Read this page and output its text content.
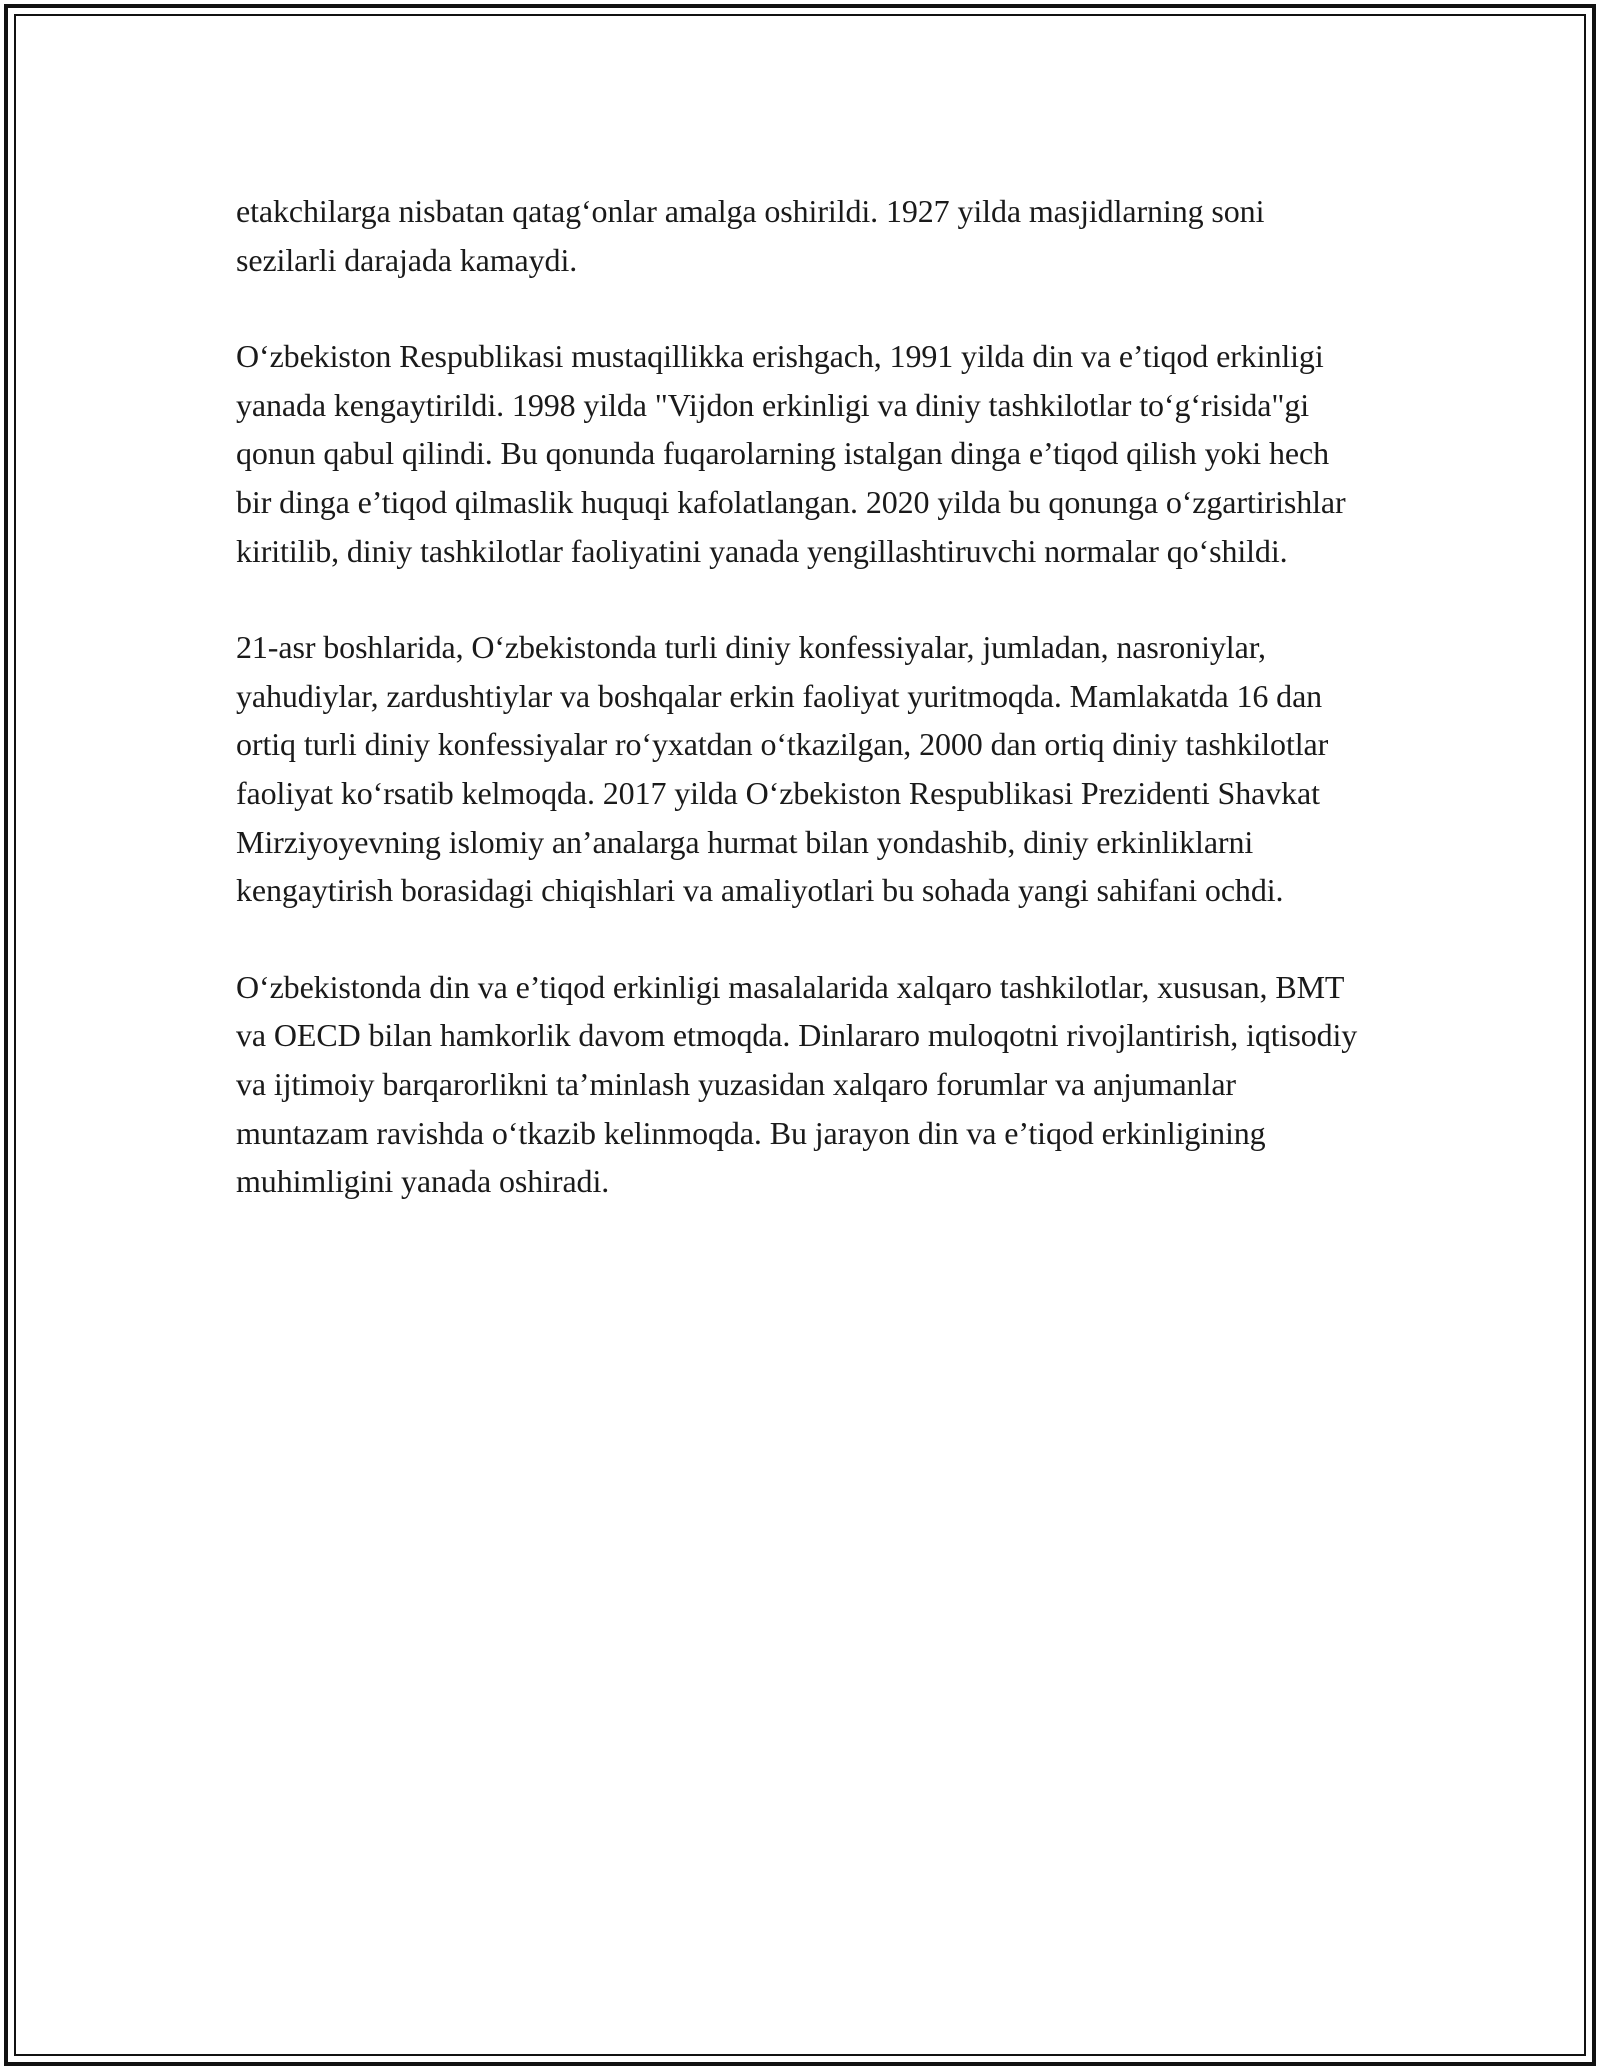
etakchilarga nisbatan qatag‘onlar amalga oshirildi. 1927 yilda masjidlarning soni sezilarli darajada kamaydi.

O‘zbekiston Respublikasi mustaqillikka erishgach, 1991 yilda din va e’tiqod erkinligi yanada kengaytirildi. 1998 yilda "Vijdon erkinligi va diniy tashkilotlar to‘g‘risida"gi qonun qabul qilindi. Bu qonunda fuqarolarning istalgan dinga e’tiqod qilish yoki hech bir dinga e’tiqod qilmaslik huquqi kafolatlangan. 2020 yilda bu qonunga o‘zgartirishlar kiritilib, diniy tashkilotlar faoliyatini yanada yengillashtiruvchi normalar qo‘shildi.

21-asr boshlarida, O‘zbekistonda turli diniy konfessiyalar, jumladan, nasroniylar, yahudiylar, zardushtiylar va boshqalar erkin faoliyat yuritmoqda. Mamlakatda 16 dan ortiq turli diniy konfessiyalar ro‘yxatdan o‘tkazilgan, 2000 dan ortiq diniy tashkilotlar faoliyat ko‘rsatib kelmoqda. 2017 yilda O‘zbekiston Respublikasi Prezidenti Shavkat Mirziyoyevning islomiy an’analarga hurmat bilan yondashib, diniy erkinliklarni kengaytirish borasidagi chiqishlari va amaliyotlari bu sohada yangi sahifani ochdi.

O‘zbekistonda din va e’tiqod erkinligi masalalarida xalqaro tashkilotlar, xususan, BMT va OECD bilan hamkorlik davom etmoqda. Dinlararo muloqotni rivojlantirish, iqtisodiy va ijtimoiy barqarorlikni ta’minlash yuzasidan xalqaro forumlar va anjumanlar muntazam ravishda o‘tkazib kelinmoqda. Bu jarayon din va e’tiqod erkinligining muhimligini yanada oshiradi.
